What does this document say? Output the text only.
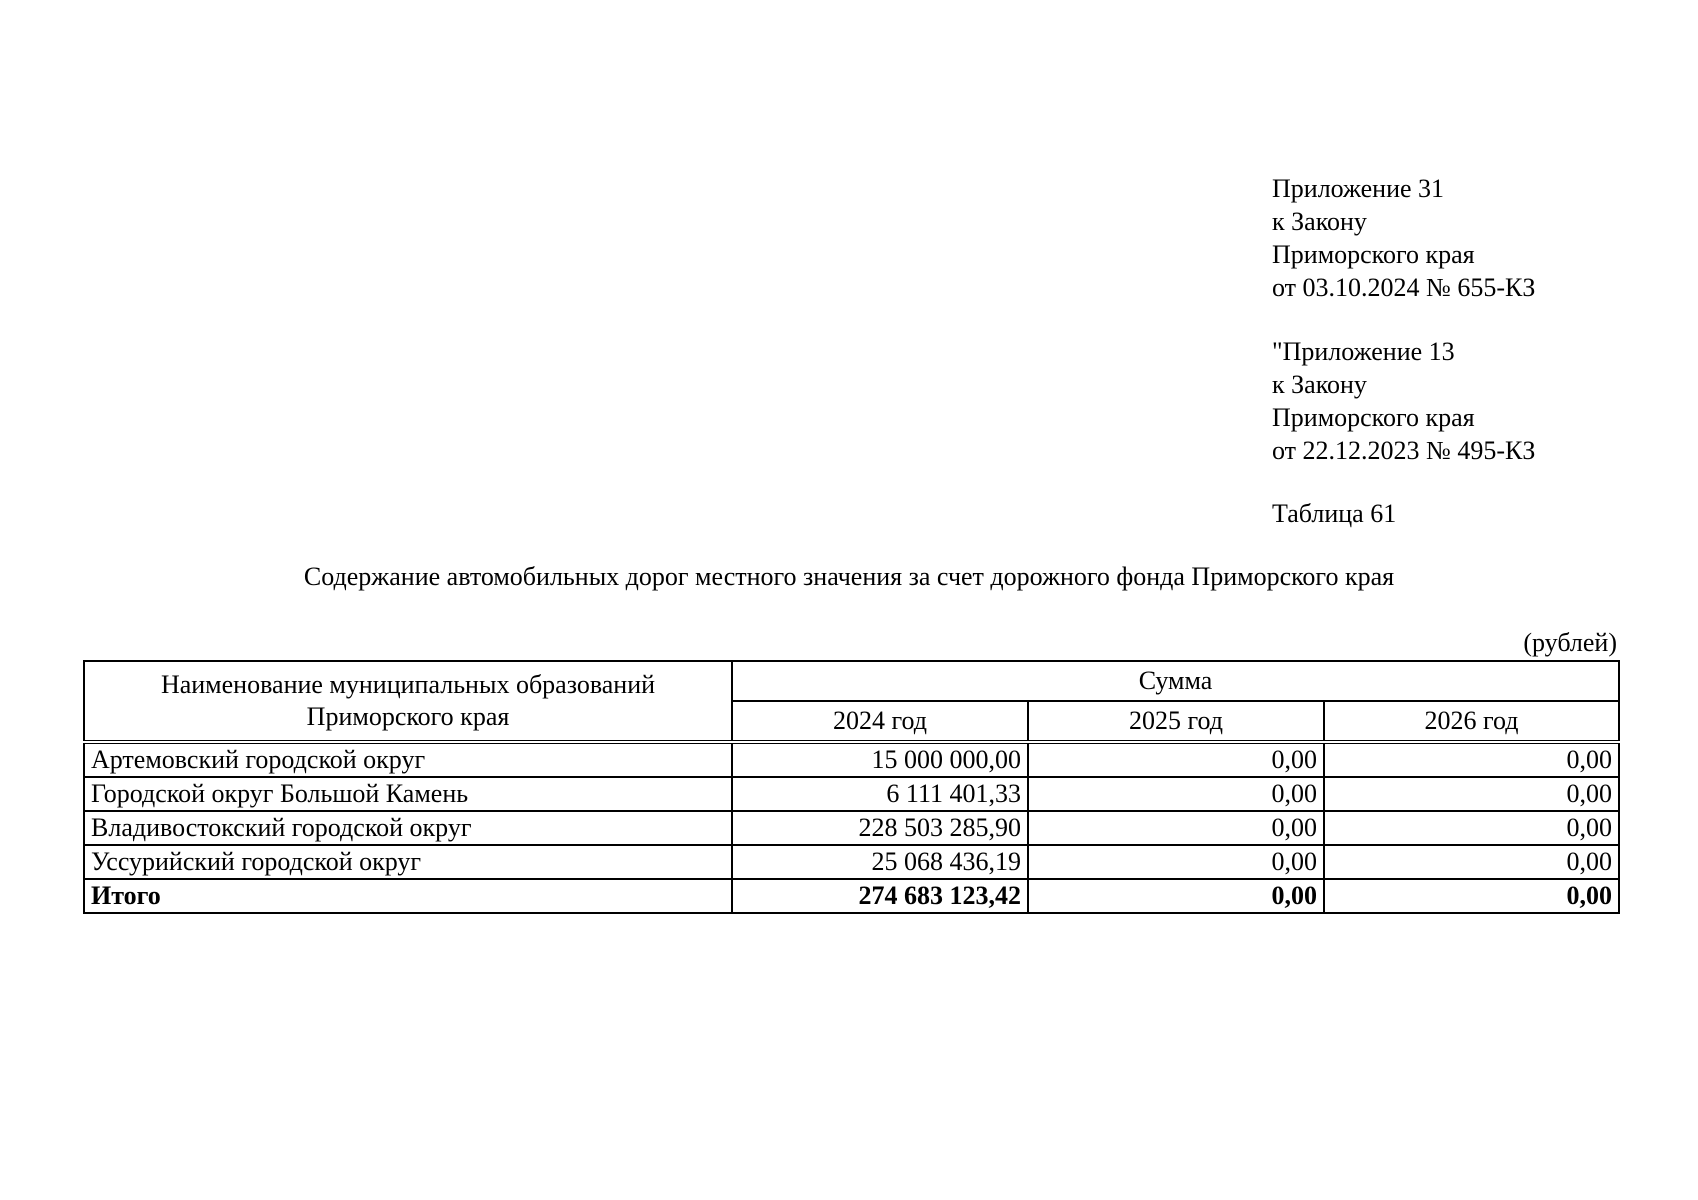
Приложение 31
к Закону
Приморского края
от 03.10.2024 № 655-КЗ
"Приложение 13
к Закону
Приморского края
от 22.12.2023 № 495-КЗ
Таблица 61
Содержание автомобильных дорог местного значения за счет дорожного фонда Приморского края
(рублей)
Наименование муниципальных образований Приморского края	Сумма		
	2024 год	2025 год	2026 год
Артемовский городской округ	15 000 000,00	0,00	0,00
Городской округ Большой Камень	6 111 401,33	0,00	0,00
Владивостокский городской округ	228 503 285,90	0,00	0,00
Уссурийский городской округ	25 068 436,19	0,00	0,00
Итого	274 683 123,42	0,00	0,00
